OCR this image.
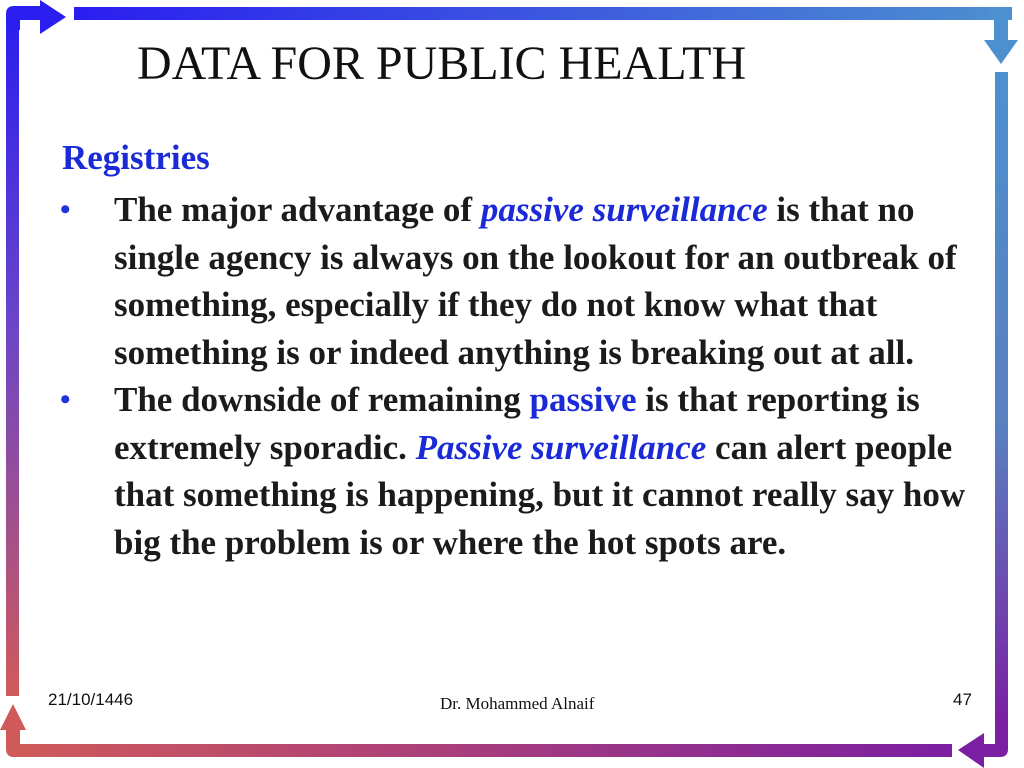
DATA FOR PUBLIC HEALTH
Registries
• The major advantage of passive surveillance is that no single agency is always on the lookout for an outbreak of something, especially if they do not know what that something is or indeed anything is breaking out at all.
• The downside of remaining passive is that reporting is extremely sporadic. Passive surveillance can alert people that something is happening, but it cannot really say how big the problem is or where the hot spots are.
21/10/1446	Dr. Mohammed Alnaif	47
